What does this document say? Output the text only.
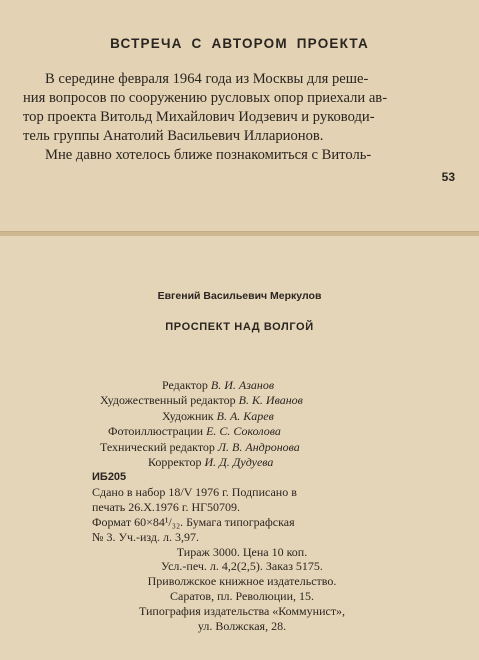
ВСТРЕЧА С АВТОРОМ ПРОЕКТА

В середине февраля 1964 года из Москвы для реше-
ния вопросов по сооружению русловых опор приехали ав-
тор проекта Витольд Михайлович Иодзевич и руководи-
тель группы Анатолий Васильевич Илларионов.
Мне давно хотелось ближе познакомиться с Витоль-

53
Евгений Васильевич Меркулов
ПРОСПЕКТ НАД ВОЛГОЙ
Редактор В. И. Азанов
Художественный редактор В. К. Иванов
Художник В. А. Карев
Фотоиллюстрации Е. С. Соколова
Технический редактор Л. В. Андронова
Корректор И. Д. Дудуева
ИБ205
Сдано в набор 18/V 1976 г. Подписано в
печать 26.X.1976 г. НГ50709.
Формат 60×84¹/₃₂. Бумага типографская
№ 3. Уч.-изд. л. 3,97.
Тираж 3000. Цена 10 коп.
Усл.-печ. л. 4,2(2,5). Заказ 5175.
Приволжское книжное издательство.
Саратов, пл. Революции, 15.
Типография издательства «Коммунист»,
ул. Волжская, 28.
